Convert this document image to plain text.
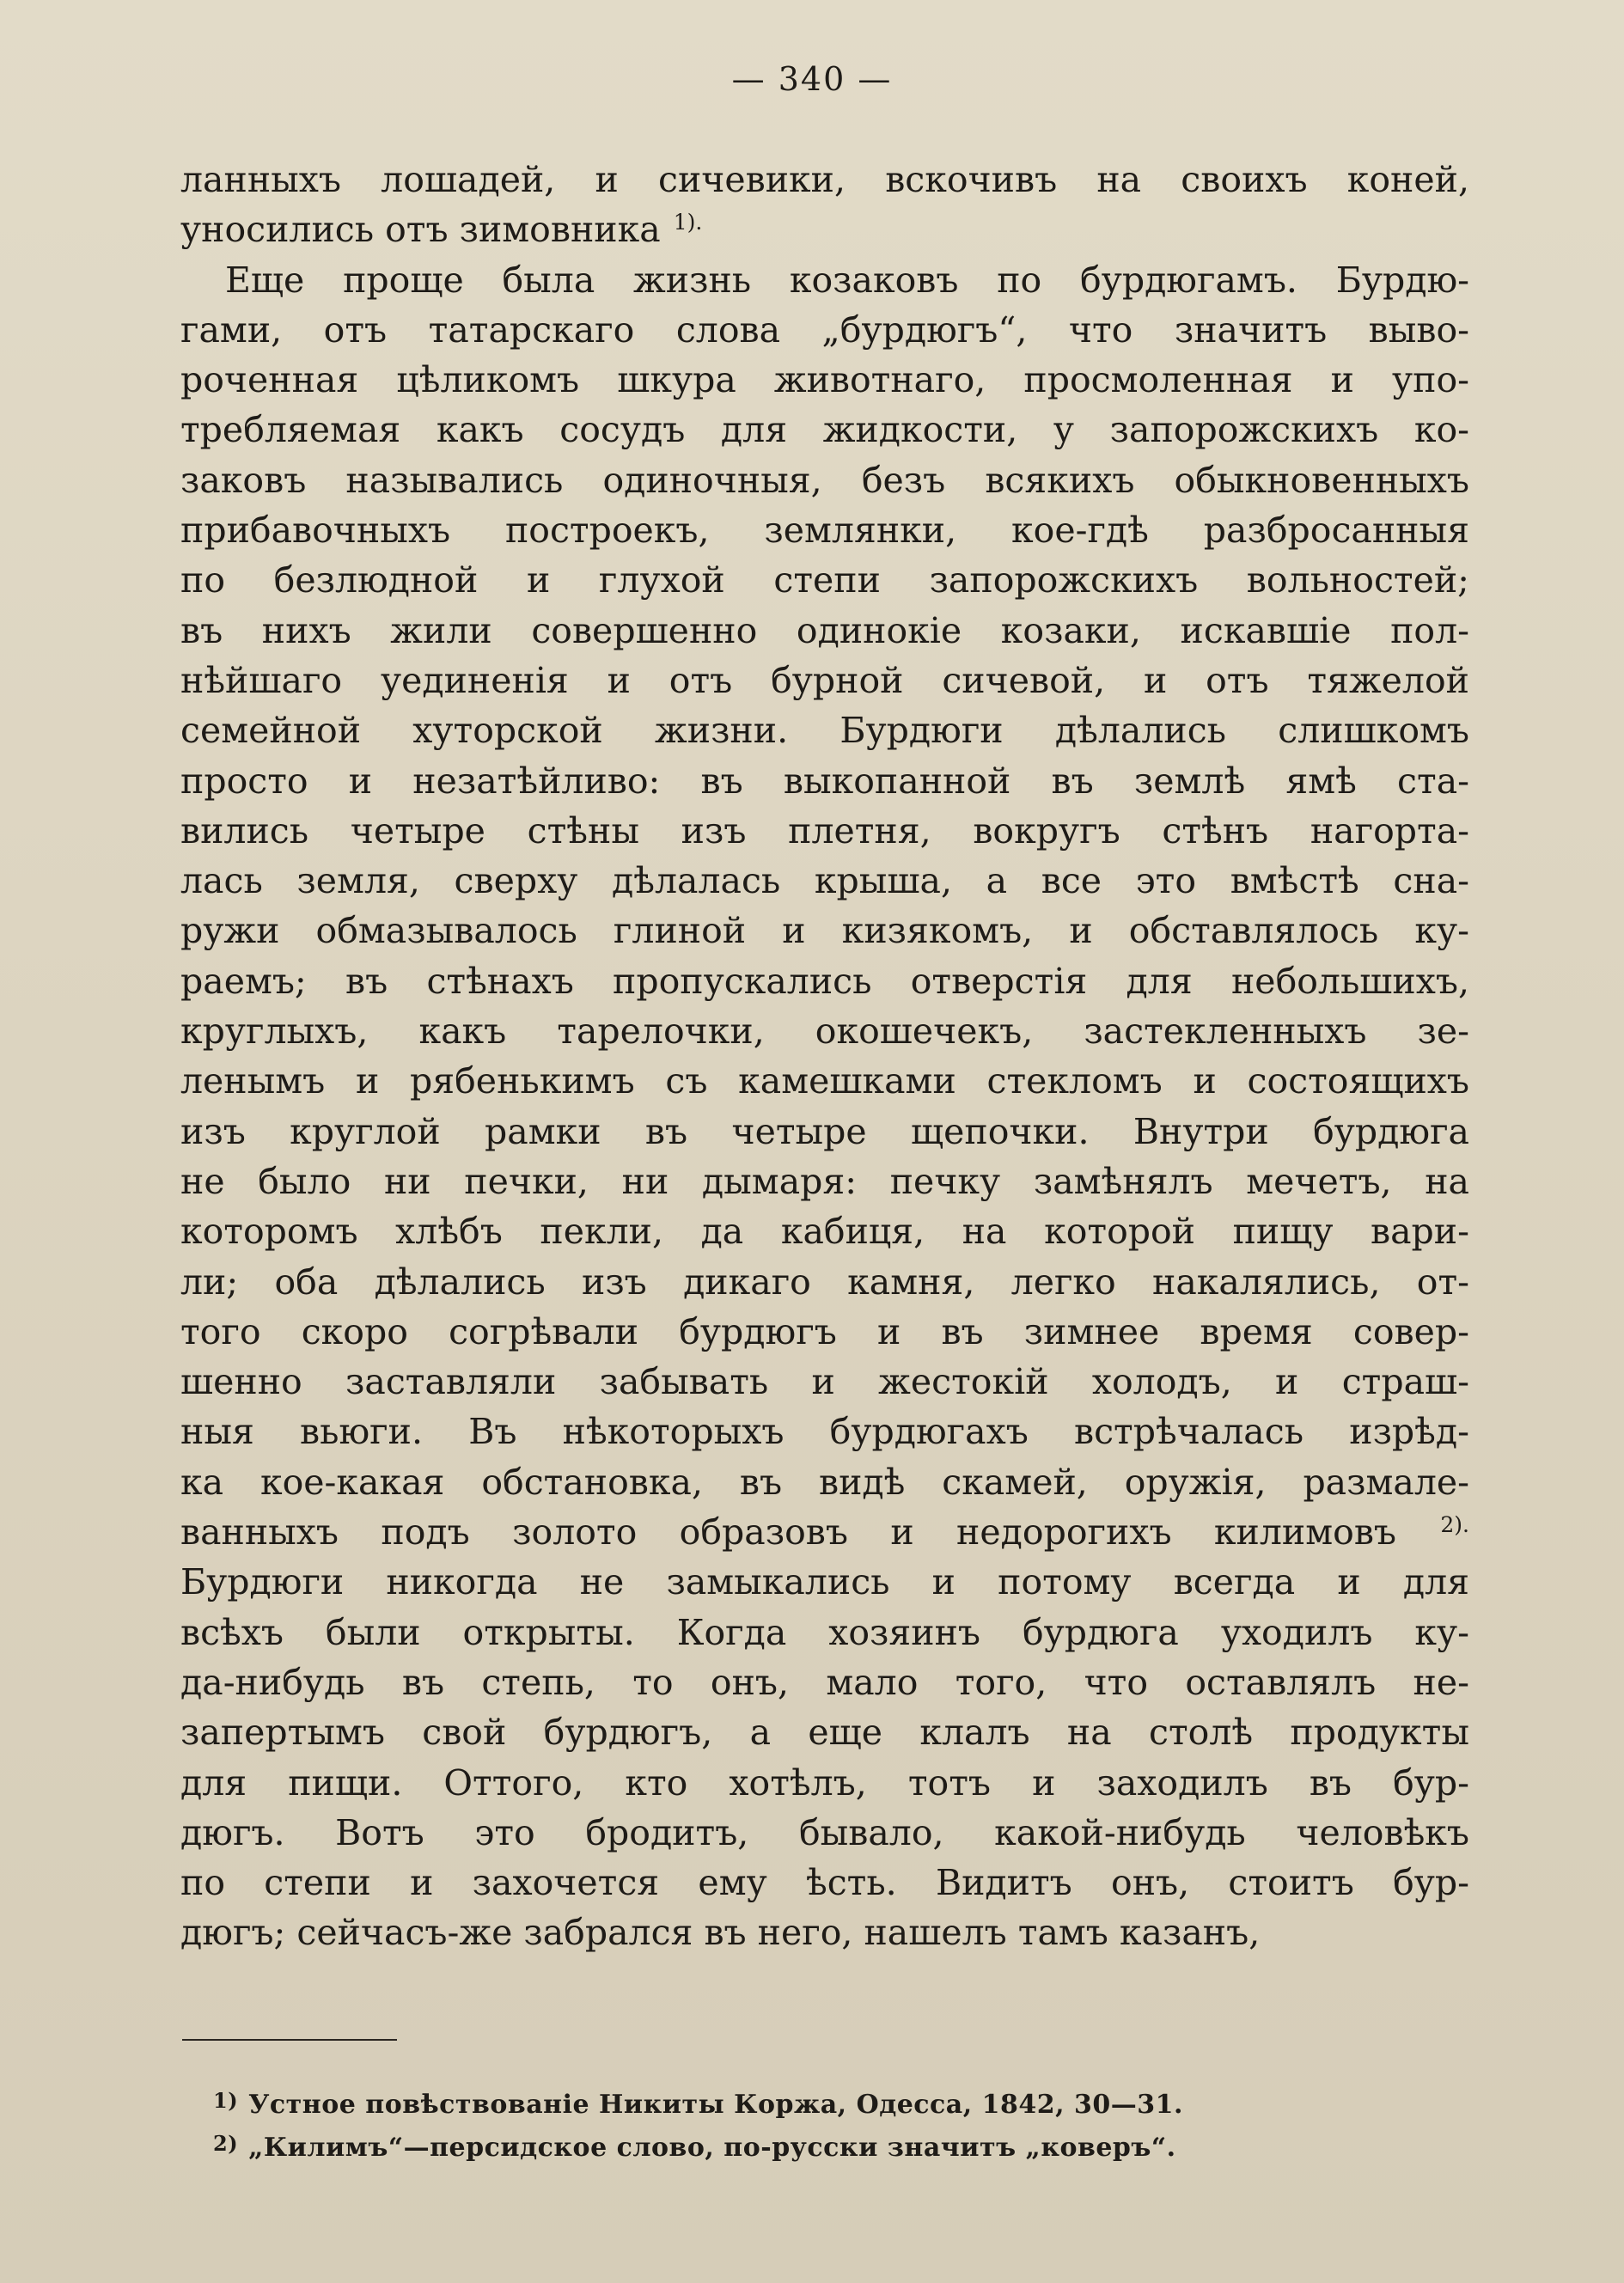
— 340 —
ланныхъ лошадей, и сичевики, вскочивъ на своихъ коней,
уносились отъ зимовника $^{1).}$
Еще проще была жизнь козаковъ по бурдюгамъ. Бурдю-
гами, отъ татарскаго слова „бурдюгъ“, что значитъ выво-
роченная цѣликомъ шкура животнаго, просмоленная и упо-
требляемая какъ сосудъ для жидкости, у запорожскихъ ко-
заковъ назывались одиночныя, безъ всякихъ обыкновенныхъ
прибавочныхъ построекъ, землянки, кое-гдѣ разбросанныя
по безлюдной и глухой степи запорожскихъ вольностей;
въ нихъ жили совершенно одинокіе козаки, искавшіе пол-
нѣйшаго уединенія и отъ бурной сичевой, и отъ тяжелой
семейной хуторской жизни. Бурдюги дѣлались слишкомъ
просто и незатѣйливо: въ выкопанной въ землѣ ямѣ ста-
вились четыре стѣны изъ плетня, вокругъ стѣнъ нагорта-
лась земля, сверху дѣлалась крыша, а все это вмѣстѣ сна-
ружи обмазывалось глиной и кизякомъ, и обставлялось ку-
раемъ; въ стѣнахъ пропускались отверстія для небольшихъ,
круглыхъ, какъ тарелочки, окошечекъ, застекленныхъ зе-
ленымъ и рябенькимъ съ камешками стекломъ и состоящихъ
изъ круглой рамки въ четыре щепочки. Внутри бурдюга
не было ни печки, ни дымаря: печку замѣнялъ мечетъ, на
которомъ хлѣбъ пекли, да кабиця, на которой пищу вари-
ли; оба дѣлались изъ дикаго камня, легко накалялись, от-
того скоро согрѣвали бурдюгъ и въ зимнее время совер-
шенно заставляли забывать и жестокій холодъ, и страш-
ныя вьюги. Въ нѣкоторыхъ бурдюгахъ встрѣчалась изрѣд-
ка кое-какая обстановка, въ видѣ скамей, оружія, размале-
ванныхъ подъ золото образовъ и недорогихъ килимовъ $^{2).}$
Бурдюги никогда не замыкались и потому всегда и для
всѣхъ были открыты. Когда хозяинъ бурдюга уходилъ ку-
да-нибудь въ степь, то онъ, мало того, что оставлялъ не-
запертымъ свой бурдюгъ, а еще клалъ на столѣ продукты
для пищи. Оттого, кто хотѣлъ, тотъ и заходилъ въ бур-
дюгъ. Вотъ это бродитъ, бывало, какой-нибудь человѣкъ
по степи и захочется ему ѣсть. Видитъ онъ, стоитъ бур-
дюгъ; сейчасъ-же забрался въ него, нашелъ тамъ казанъ,
$^{1)}$ Устное повѣствованіе Никиты Коржа, Одесса, 1842, 30—31.
$^{2)}$ „Килимъ“—персидское слово, по-русски значитъ „коверъ“.
